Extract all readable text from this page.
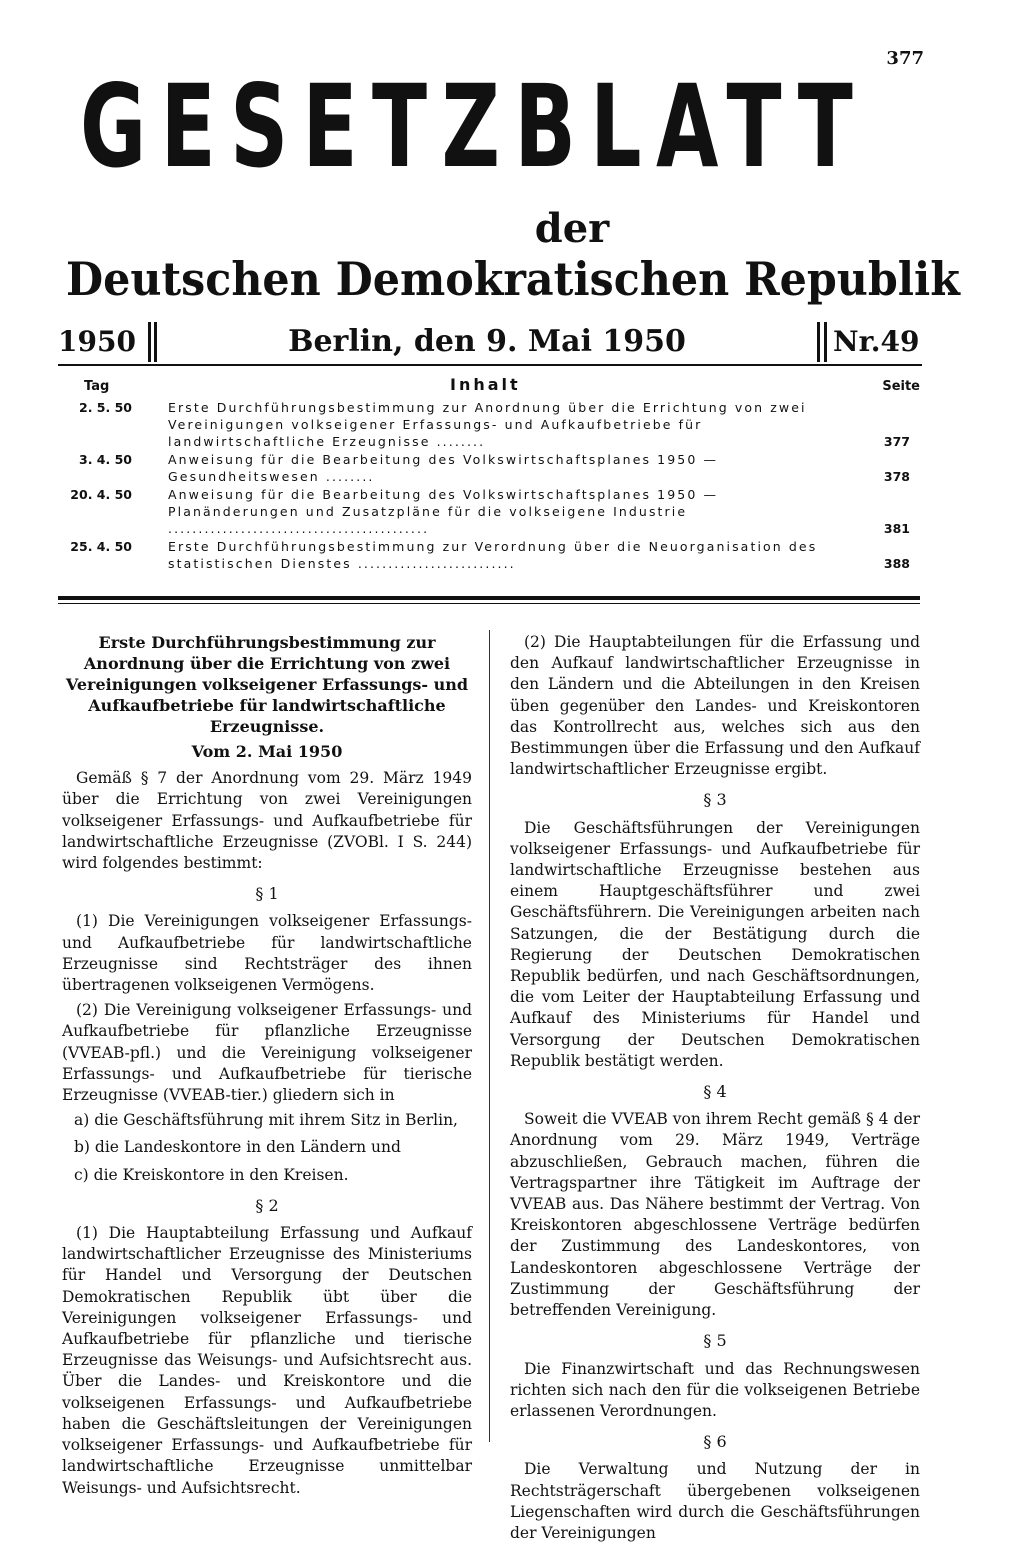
377
GESETZBLATT
der
Deutschen Demokratischen Republik
1950	Berlin, den 9. Mai 1950	Nr.49
Tag	Inhalt	Seite
2. 5. 50	Erste Durchführungsbestimmung zur Anordnung über die Errichtung von zwei Vereinigungen volkseigener Erfassungs- und Aufkaufbetriebe für landwirtschaftliche Erzeugnisse ........	377
3. 4. 50	Anweisung für die Bearbeitung des Volkswirtschaftsplanes 1950 — Gesundheitswesen ........	378
20. 4. 50	Anweisung für die Bearbeitung des Volkswirtschaftsplanes 1950 — Planänderungen und Zusatzpläne für die volkseigene Industrie ...........................................	381
25. 4. 50	Erste Durchführungsbestimmung zur Verordnung über die Neuorganisation des statistischen Dienstes ..........................	388
Erste Durchführungsbestimmung zur Anordnung über die Errichtung von zwei Vereinigungen volkseigener Erfassungs- und Aufkaufbetriebe für landwirtschaftliche Erzeugnisse.
Vom 2. Mai 1950

Gemäß § 7 der Anordnung vom 29. März 1949 über die Errichtung von zwei Vereinigungen volkseigener Erfassungs- und Aufkaufbetriebe für landwirtschaftliche Erzeugnisse (ZVOBl. I S. 244) wird folgendes bestimmt:

§ 1

(1) Die Vereinigungen volkseigener Erfassungs- und Aufkaufbetriebe für landwirtschaftliche Erzeugnisse sind Rechtsträger des ihnen übertragenen volkseigenen Vermögens.

(2) Die Vereinigung volkseigener Erfassungs- und Aufkaufbetriebe für pflanzliche Erzeugnisse (VVEAB-pfl.) und die Vereinigung volkseigener Erfassungs- und Aufkaufbetriebe für tierische Erzeugnisse (VVEAB-tier.) gliedern sich in

a) die Geschäftsführung mit ihrem Sitz in Berlin,

b) die Landeskontore in den Ländern und

c) die Kreiskontore in den Kreisen.

§ 2

(1) Die Hauptabteilung Erfassung und Aufkauf landwirtschaftlicher Erzeugnisse des Ministeriums für Handel und Versorgung der Deutschen Demokratischen Republik übt über die Vereinigungen volkseigener Erfassungs- und Aufkaufbetriebe für pflanzliche und tierische Erzeugnisse das Weisungs- und Aufsichtsrecht aus. Über die Landes- und Kreiskontore und die volkseigenen Erfassungs- und Aufkaufbetriebe haben die Geschäftsleitungen der Vereinigungen volkseigener Erfassungs- und Aufkaufbetriebe für landwirtschaftliche Erzeugnisse unmittelbar Weisungs- und Aufsichtsrecht.

(2) Die Hauptabteilungen für die Erfassung und den Aufkauf landwirtschaftlicher Erzeugnisse in den Ländern und die Abteilungen in den Kreisen üben gegenüber den Landes- und Kreiskontoren das Kontrollrecht aus, welches sich aus den Bestimmungen über die Erfassung und den Aufkauf landwirtschaftlicher Erzeugnisse ergibt.

§ 3

Die Geschäftsführungen der Vereinigungen volkseigener Erfassungs- und Aufkaufbetriebe für landwirtschaftliche Erzeugnisse bestehen aus einem Hauptgeschäftsführer und zwei Geschäftsführern. Die Vereinigungen arbeiten nach Satzungen, die der Bestätigung durch die Regierung der Deutschen Demokratischen Republik bedürfen, und nach Geschäftsordnungen, die vom Leiter der Hauptabteilung Erfassung und Aufkauf des Ministeriums für Handel und Versorgung der Deutschen Demokratischen Republik bestätigt werden.

§ 4

Soweit die VVEAB von ihrem Recht gemäß § 4 der Anordnung vom 29. März 1949, Verträge abzuschließen, Gebrauch machen, führen die Vertragspartner ihre Tätigkeit im Auftrage der VVEAB aus. Das Nähere bestimmt der Vertrag. Von Kreiskontoren abgeschlossene Verträge bedürfen der Zustimmung des Landeskontores, von Landeskontoren abgeschlossene Verträge der Zustimmung der Geschäftsführung der betreffenden Vereinigung.

§ 5

Die Finanzwirtschaft und das Rechnungswesen richten sich nach den für die volkseigenen Betriebe erlassenen Verordnungen.

§ 6

Die Verwaltung und Nutzung der in Rechtsträgerschaft übergebenen volkseigenen Liegenschaften wird durch die Geschäftsführungen der Vereinigungen
